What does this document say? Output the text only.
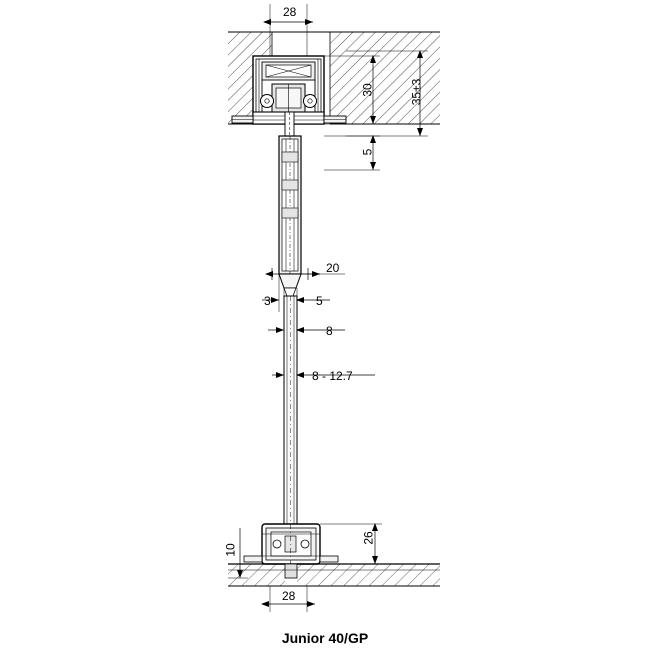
28
30	35±3
5
20
3	5
8
8 - 12.7
26
10
28
Junior 40/GP
